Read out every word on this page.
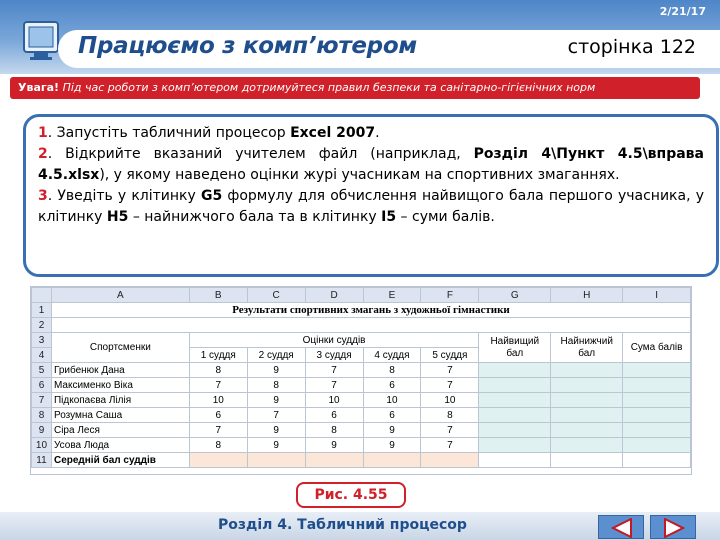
2/21/17
Працюємо з комп’ютером	сторінка 122
Увага! Під час роботи з комп’ютером дотримуйтеся правил безпеки та санітарно-гігієнічних норм

1. Запустіть табличний процесор Excel 2007.

2. Відкрийте вказаний учителем файл (наприклад, Розділ 4\Пункт 4.5\вправа 4.5.xlsx), у якому наведено оцінки журі учасникам на спортивних змаганнях.

3. Уведіть у клітинку G5 формулу для обчислення найвищого бала першого учасника, у клітинку H5 – найнижчого бала та в клітинку I5 – суми балів.

	A	B	C	D	E	F	G	H	I
1	Результати спортивних змагань з художньої гімнастики								
2									
3	Спортсменки	Оцінки суддів					Найвищий бал	Найнижчий бал	Сума балів
4		1 суддя	2 суддя	3 суддя	4 суддя	5 суддя			
5	Грибенюк Дана	8	9	7	8	7			
6	Максименко Віка	7	8	7	6	7			
7	Підкопаєва Лілія	10	9	10	10	10			
8	Розумна Саша	6	7	6	6	8			
9	Сіра Леся	7	9	8	9	7			
10	Усова Люда	8	9	9	9	7			
11	Середній бал суддів								
Рис. 4.55
Розділ 4. Табличний процесор
